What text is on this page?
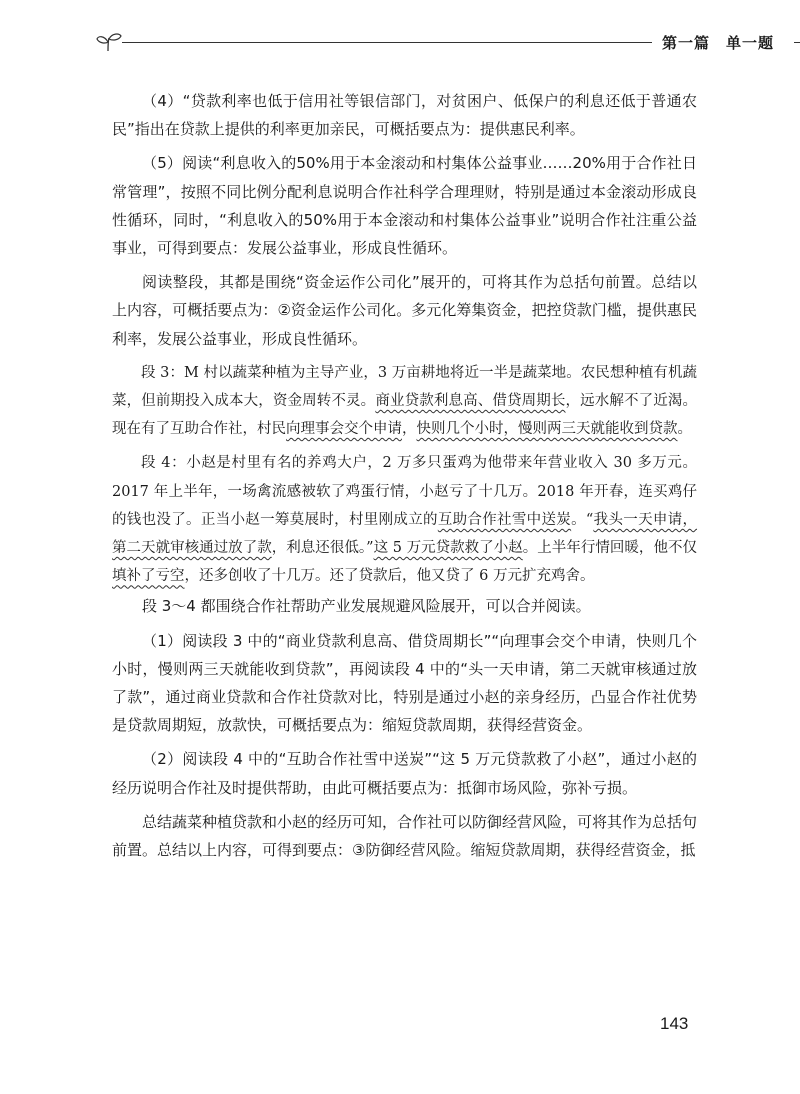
第一篇　单一题

（4）“贷款利率也低于信用社等银信部门，对贫困户、低保户的利息还低于普通农民”指出在贷款上提供的利率更加亲民，可概括要点为：提供惠民利率。

（5）阅读“利息收入的50%用于本金滚动和村集体公益事业……20%用于合作社日常管理”，按照不同比例分配利息说明合作社科学合理理财，特别是通过本金滚动形成良性循环，同时，“利息收入的50%用于本金滚动和村集体公益事业”说明合作社注重公益事业，可得到要点：发展公益事业，形成良性循环。

阅读整段，其都是围绕“资金运作公司化”展开的，可将其作为总括句前置。总结以上内容，可概括要点为：②资金运作公司化。多元化筹集资金，把控贷款门槛，提供惠民利率，发展公益事业，形成良性循环。

段 3：M 村以蔬菜种植为主导产业，3 万亩耕地将近一半是蔬菜地。农民想种植有机蔬菜，但前期投入成本大，资金周转不灵。商业贷款利息高、借贷周期长，远水解不了近渴。现在有了互助合作社，村民向理事会交个申请，快则几个小时，慢则两三天就能收到贷款。

段 4：小赵是村里有名的养鸡大户，2 万多只蛋鸡为他带来年营业收入 30 多万元。2017 年上半年，一场禽流感被软了鸡蛋行情，小赵亏了十几万。2018 年开春，连买鸡仔的钱也没了。正当小赵一筹莫展时，村里刚成立的互助合作社雪中送炭。“我头一天申请，第二天就审核通过放了款，利息还很低。”这 5 万元贷款救了小赵。上半年行情回暖，他不仅填补了亏空，还多创收了十几万。还了贷款后，他又贷了 6 万元扩充鸡舍。

段 3～4 都围绕合作社帮助产业发展规避风险展开，可以合并阅读。

（1）阅读段 3 中的“商业贷款利息高、借贷周期长”“向理事会交个申请，快则几个小时，慢则两三天就能收到贷款”，再阅读段 4 中的“头一天申请，第二天就审核通过放了款”，通过商业贷款和合作社贷款对比，特别是通过小赵的亲身经历，凸显合作社优势是贷款周期短，放款快，可概括要点为：缩短贷款周期，获得经营资金。

（2）阅读段 4 中的“互助合作社雪中送炭”“这 5 万元贷款救了小赵”，通过小赵的经历说明合作社及时提供帮助，由此可概括要点为：抵御市场风险，弥补亏损。

总结蔬菜种植贷款和小赵的经历可知，合作社可以防御经营风险，可将其作为总括句前置。总结以上内容，可得到要点：③防御经营风险。缩短贷款周期，获得经营资金，抵

143
